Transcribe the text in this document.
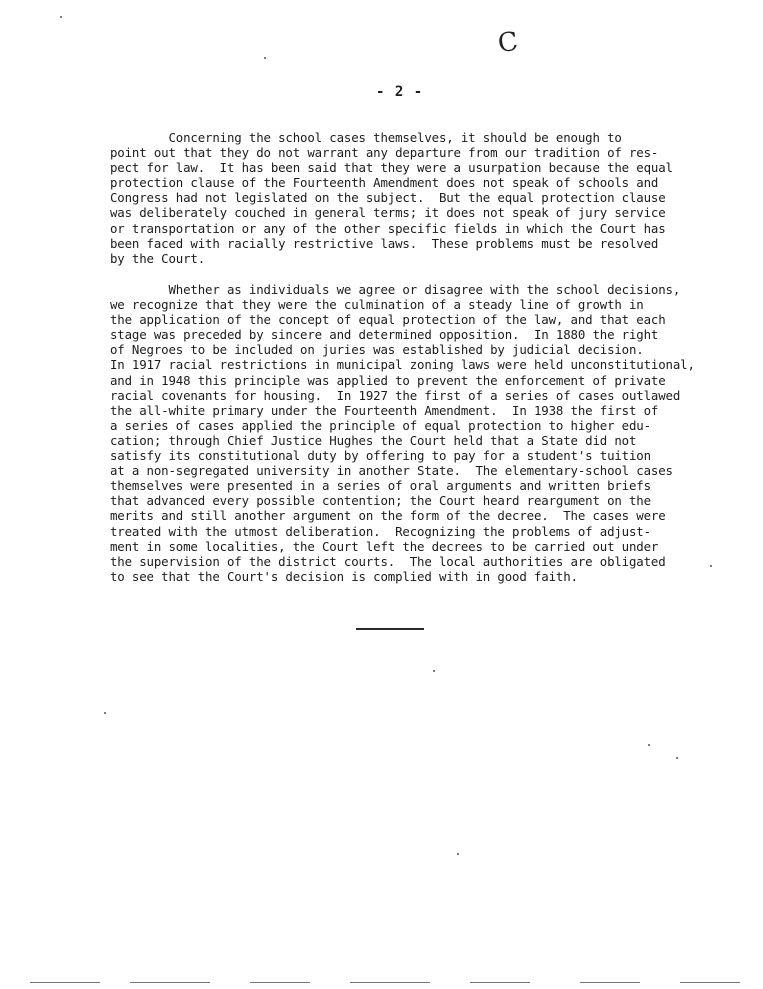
C
- 2 -

Concerning the school cases themselves, it should be enough to
point out that they do not warrant any departure from our tradition of res-
pect for law.  It has been said that they were a usurpation because the equal
protection clause of the Fourteenth Amendment does not speak of schools and
Congress had not legislated on the subject.  But the equal protection clause
was deliberately couched in general terms; it does not speak of jury service
or transportation or any of the other specific fields in which the Court has
been faced with racially restrictive laws.  These problems must be resolved
by the Court.

Whether as individuals we agree or disagree with the school decisions,
we recognize that they were the culmination of a steady line of growth in
the application of the concept of equal protection of the law, and that each
stage was preceded by sincere and determined opposition.  In 1880 the right
of Negroes to be included on juries was established by judicial decision.
In 1917 racial restrictions in municipal zoning laws were held unconstitutional,
and in 1948 this principle was applied to prevent the enforcement of private
racial covenants for housing.  In 1927 the first of a series of cases outlawed
the all-white primary under the Fourteenth Amendment.  In 1938 the first of
a series of cases applied the principle of equal protection to higher edu-
cation; through Chief Justice Hughes the Court held that a State did not
satisfy its constitutional duty by offering to pay for a student's tuition
at a non-segregated university in another State.  The elementary-school cases
themselves were presented in a series of oral arguments and written briefs
that advanced every possible contention; the Court heard reargument on the
merits and still another argument on the form of the decree.  The cases were
treated with the utmost deliberation.  Recognizing the problems of adjust-
ment in some localities, the Court left the decrees to be carried out under
the supervision of the district courts.  The local authorities are obligated
to see that the Court's decision is complied with in good faith.
